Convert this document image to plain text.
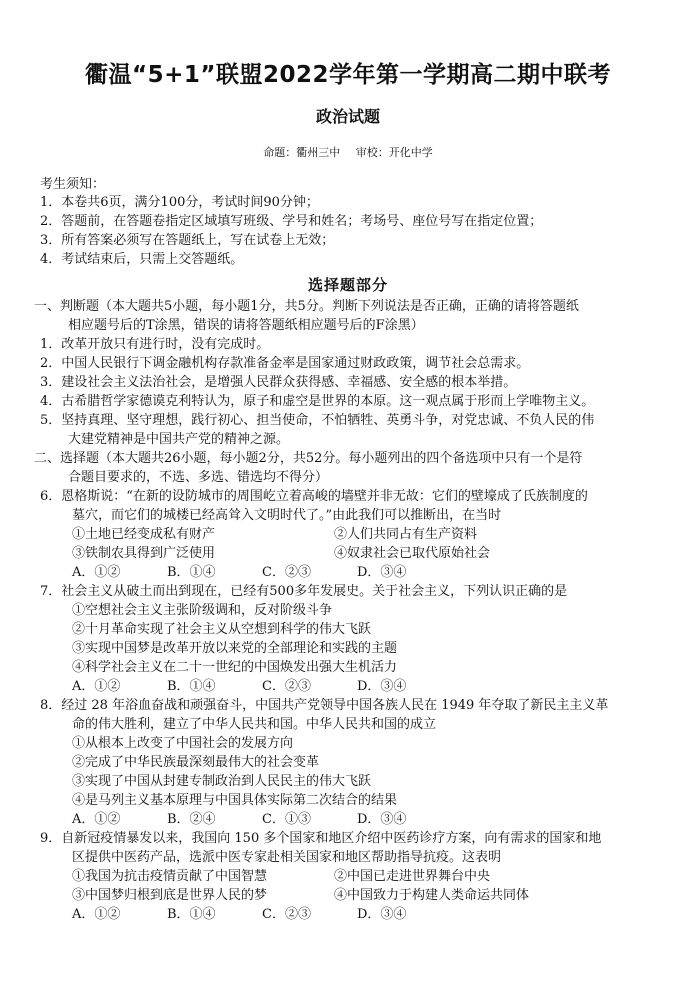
衢温“5+1”联盟2022学年第一学期高二期中联考
政治试题
命题：衢州三中 审校：开化中学
考生须知：
1．本卷共6页，满分100分，考试时间90分钟；
2．答题前，在答题卷指定区域填写班级、学号和姓名；考场号、座位号写在指定位置；
3．所有答案必须写在答题纸上，写在试卷上无效；
4．考试结束后，只需上交答题纸。
选择题部分
一、判断题（本大题共5小题，每小题1分，共5分。判断下列说法是否正确，正确的请将答题纸
相应题号后的T涂黑，错误的请将答题纸相应题号后的F涂黑）
1．改革开放只有进行时，没有完成时。
2．中国人民银行下调金融机构存款准备金率是国家通过财政政策，调节社会总需求。
3．建设社会主义法治社会，是增强人民群众获得感、幸福感、安全感的根本举措。
4．古希腊哲学家德谟克利特认为，原子和虚空是世界的本原。这一观点属于形而上学唯物主义。
5．坚持真理、坚守理想，践行初心、担当使命，不怕牺牲、英勇斗争，对党忠诚、不负人民的伟
大建党精神是中国共产党的精神之源。
二、选择题（本大题共26小题，每小题2分，共52分。每小题列出的四个备选项中只有一个是符
合题目要求的，不选、多选、错选均不得分）
6．恩格斯说：“在新的设防城市的周围屹立着高峻的墙壁并非无故：它们的壁壕成了氏族制度的
墓穴，而它们的城楼已经高耸入文明时代了。”由此我们可以推断出，在当时
①土地已经变成私有财产	②人们共同占有生产资料
③铁制农具得到广泛使用	④奴隶社会已取代原始社会
A．①②	B．①④	C．②③	D．③④
7．社会主义从破土而出到现在，已经有500多年发展史。关于社会主义，下列认识正确的是
①空想社会主义主张阶级调和，反对阶级斗争
②十月革命实现了社会主义从空想到科学的伟大飞跃
③实现中国梦是改革开放以来党的全部理论和实践的主题
④科学社会主义在二十一世纪的中国焕发出强大生机活力
A．①②	B．①④	C．②③	D．③④
8．经过 28 年浴血奋战和顽强奋斗，中国共产党领导中国各族人民在 1949 年夺取了新民主主义革
命的伟大胜利，建立了中华人民共和国。中华人民共和国的成立
①从根本上改变了中国社会的发展方向
②完成了中华民族最深刻最伟大的社会变革
③实现了中国从封建专制政治到人民民主的伟大飞跃
④是马列主义基本原理与中国具体实际第二次结合的结果
A．①②	B．②④	C．①③	D．③④
9．自新冠疫情暴发以来，我国向 150 多个国家和地区介绍中医药诊疗方案，向有需求的国家和地
区提供中医药产品，选派中医专家赴相关国家和地区帮助指导抗疫。这表明
①我国为抗击疫情贡献了中国智慧	②中国已走进世界舞台中央
③中国梦归根到底是世界人民的梦	④中国致力于构建人类命运共同体
A．①②	B．①④	C．②③	D．③④
